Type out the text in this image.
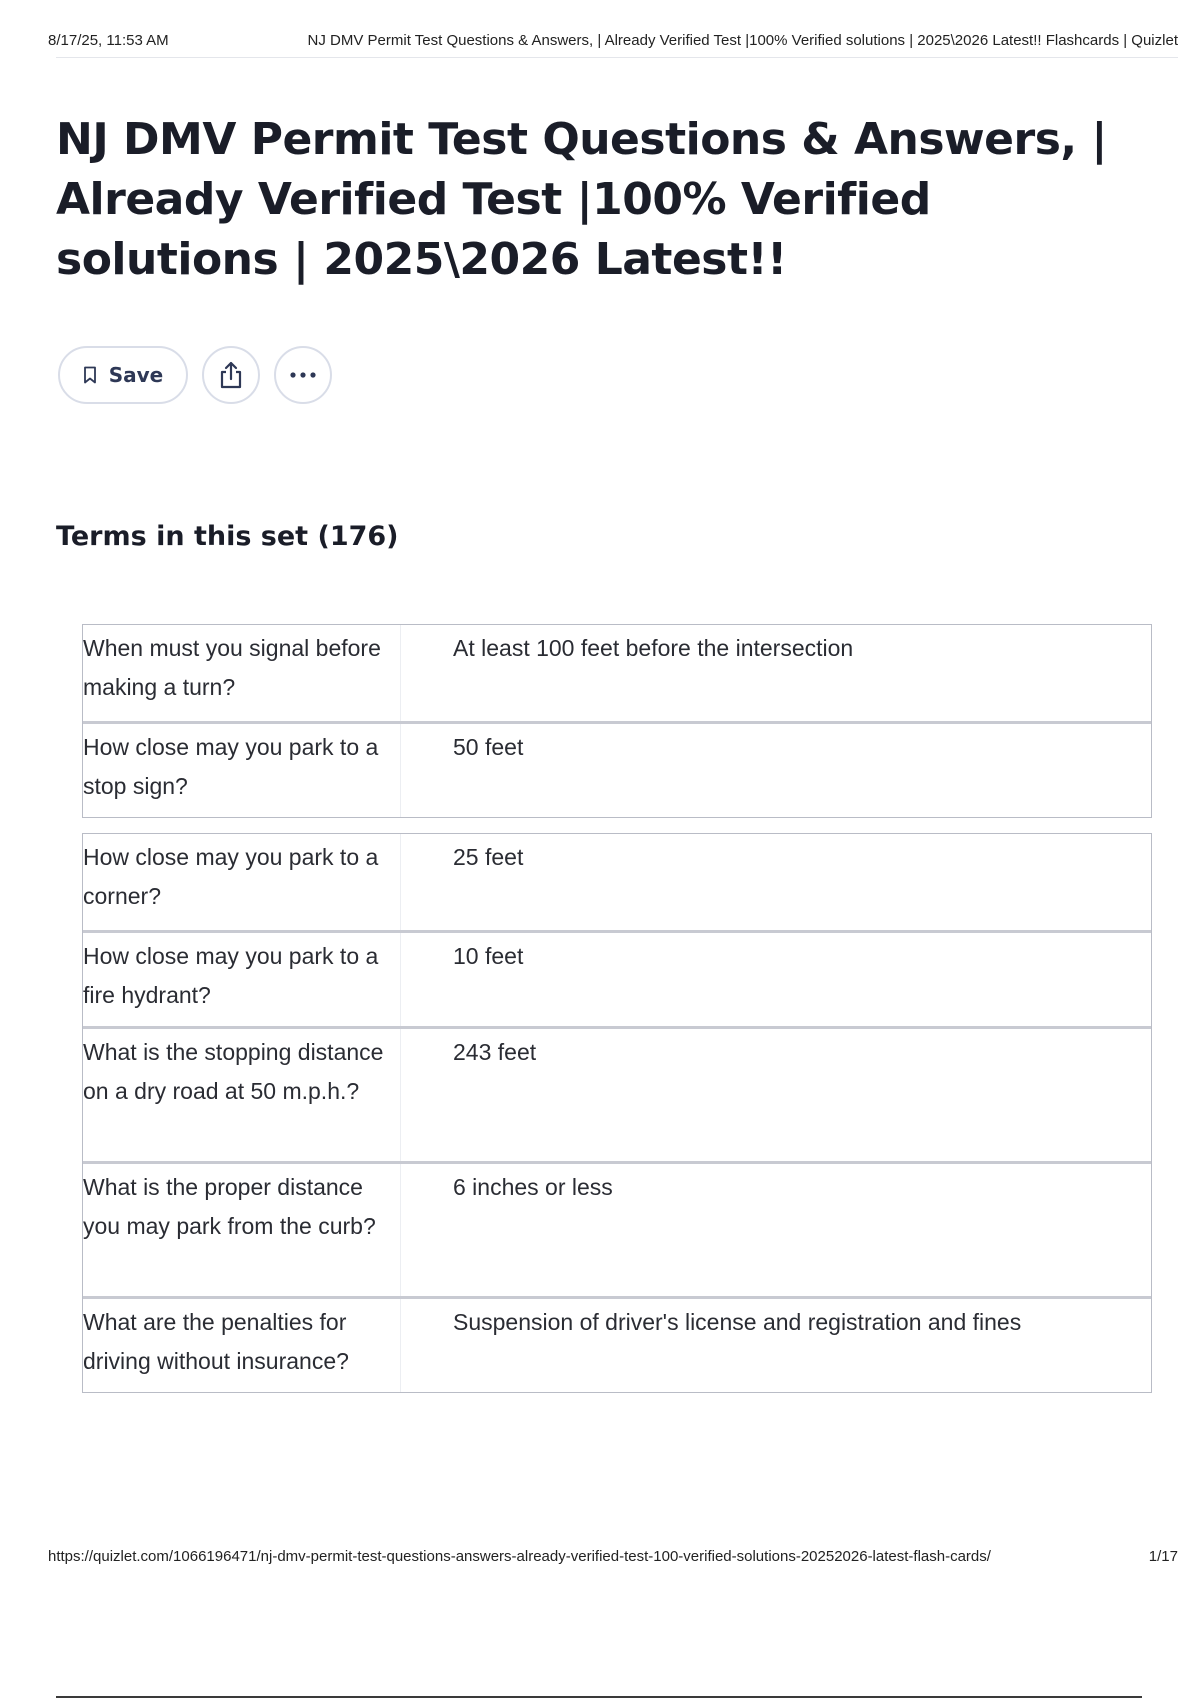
8/17/25, 11:53 AM	NJ DMV Permit Test Questions & Answers, | Already Verified Test |100% Verified solutions | 2025\2026 Latest!! Flashcards | Quizlet
NJ DMV Permit Test Questions & Answers, | Already Verified Test |100% Verified solutions | 2025\2026 Latest!!
Save
Terms in this set (176)
When must you signal before making a turn?
At least 100 feet before the intersection
How close may you park to a stop sign?
50 feet
How close may you park to a corner?
25 feet
How close may you park to a fire hydrant?
10 feet
What is the stopping distance on a dry road at 50 m.p.h.?
243 feet
What is the proper distance you may park from the curb?
6 inches or less
What are the penalties for driving without insurance?
Suspension of driver's license and registration and fines
https://quizlet.com/1066196471/nj-dmv-permit-test-questions-answers-already-verified-test-100-verified-solutions-20252026-latest-flash-cards/	1/17
